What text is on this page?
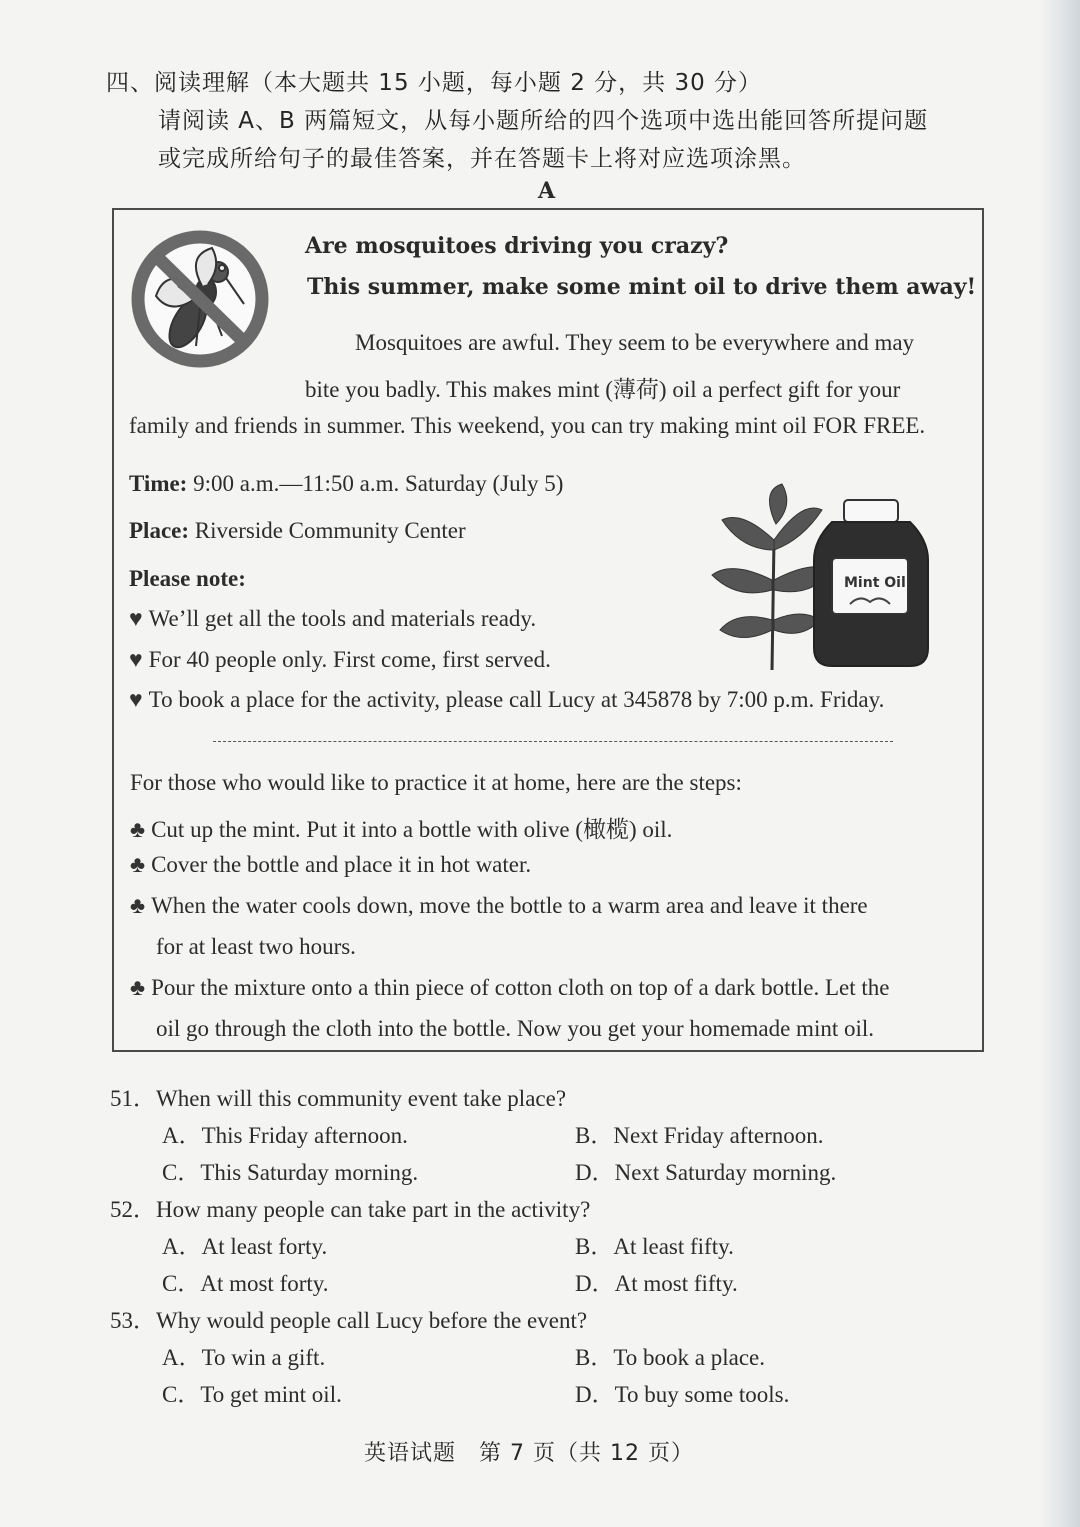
四、阅读理解（本大题共 15 小题，每小题 2 分，共 30 分）
请阅读 A、B 两篇短文，从每小题所给的四个选项中选出能回答所提问题
或完成所给句子的最佳答案，并在答题卡上将对应选项涂黑。
A
Are mosquitoes driving you crazy?
This summer, make some mint oil to drive them away!
Mosquitoes are awful. They seem to be everywhere and may
bite you badly. This makes mint (薄荷) oil a perfect gift for your
family and friends in summer. This weekend, you can try making mint oil FOR FREE.
Time: 9:00 a.m.—11:50 a.m. Saturday (July 5)
Place: Riverside Community Center
Please note:
♥ We’ll get all the tools and materials ready.
♥ For 40 people only. First come, first served.
♥ To book a place for the activity, please call Lucy at 345878 by 7:00 p.m. Friday.
Mint Oil
For those who would like to practice it at home, here are the steps:
♣ Cut up the mint. Put it into a bottle with olive (橄榄) oil.
♣ Cover the bottle and place it in hot water.
♣ When the water cools down, move the bottle to a warm area and leave it there
for at least two hours.
♣ Pour the mixture onto a thin piece of cotton cloth on top of a dark bottle. Let the
oil go through the cloth into the bottle. Now you get your homemade mint oil.
51．When will this community event take place?
A．This Friday afternoon.	B．Next Friday afternoon.
C．This Saturday morning.	D．Next Saturday morning.
52．How many people can take part in the activity?
A．At least forty.	B．At least fifty.
C．At most forty.	D．At most fifty.
53．Why would people call Lucy before the event?
A．To win a gift.	B．To book a place.
C．To get mint oil.	D．To buy some tools.
英语试题　第 7 页（共 12 页）
